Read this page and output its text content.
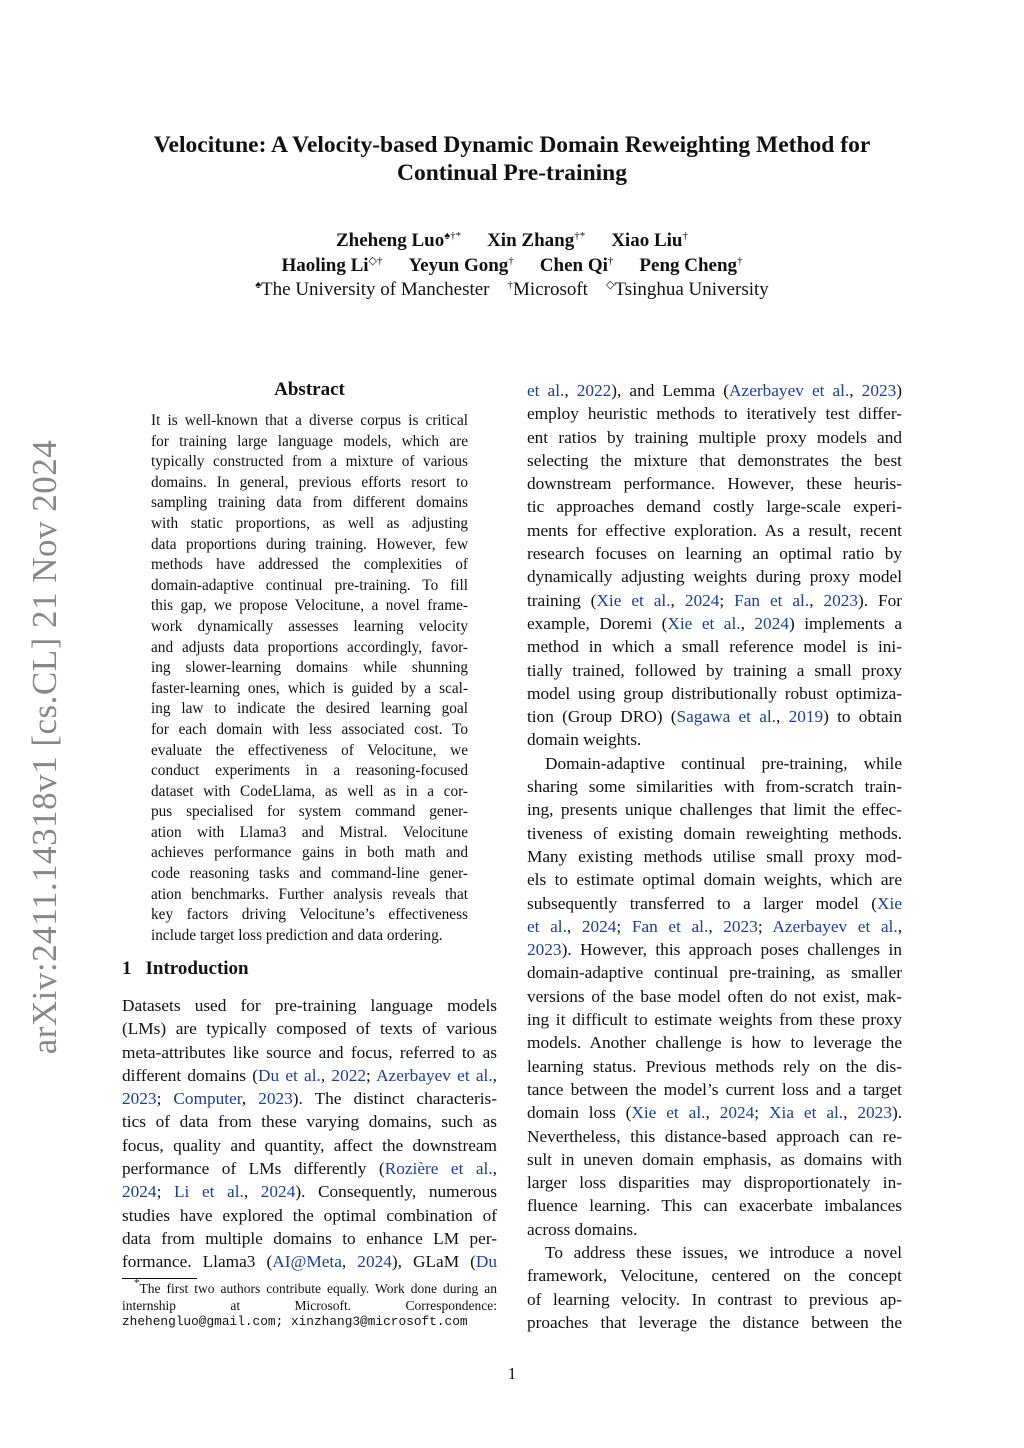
Velocitune: A Velocity-based Dynamic Domain Reweighting Method for
Continual Pre-training
Zheheng Luo♠†* Xin Zhang†* Xiao Liu†
Haoling Li◇† Yeyun Gong† Chen Qi† Peng Cheng†
♠The University of Manchester †Microsoft ◇Tsinghua University
arXiv:2411.14318v1 [cs.CL] 21 Nov 2024
Abstract
It is well-known that a diverse corpus is critical
for training large language models, which are
typically constructed from a mixture of various
domains. In general, previous efforts resort to
sampling training data from different domains
with static proportions, as well as adjusting
data proportions during training. However, few
methods have addressed the complexities of
domain-adaptive continual pre-training. To fill
this gap, we propose Velocitune, a novel frame-
work dynamically assesses learning velocity
and adjusts data proportions accordingly, favor-
ing slower-learning domains while shunning
faster-learning ones, which is guided by a scal-
ing law to indicate the desired learning goal
for each domain with less associated cost. To
evaluate the effectiveness of Velocitune, we
conduct experiments in a reasoning-focused
dataset with CodeLlama, as well as in a cor-
pus specialised for system command gener-
ation with Llama3 and Mistral. Velocitune
achieves performance gains in both math and
code reasoning tasks and command-line gener-
ation benchmarks. Further analysis reveals that
key factors driving Velocitune’s effectiveness
include target loss prediction and data ordering.
1 Introduction
Datasets used for pre-training language models
(LMs) are typically composed of texts of various
meta-attributes like source and focus, referred to as
different domains (Du et al., 2022; Azerbayev et al.,
2023; Computer, 2023). The distinct characteris-
tics of data from these varying domains, such as
focus, quality and quantity, affect the downstream
performance of LMs differently (Rozière et al.,
2024; Li et al., 2024). Consequently, numerous
studies have explored the optimal combination of
data from multiple domains to enhance LM per-
formance. Llama3 (AI@Meta, 2024), GLaM (Du
et al., 2022), and Lemma (Azerbayev et al., 2023)
employ heuristic methods to iteratively test differ-
ent ratios by training multiple proxy models and
selecting the mixture that demonstrates the best
downstream performance. However, these heuris-
tic approaches demand costly large-scale experi-
ments for effective exploration. As a result, recent
research focuses on learning an optimal ratio by
dynamically adjusting weights during proxy model
training (Xie et al., 2024; Fan et al., 2023). For
example, Doremi (Xie et al., 2024) implements a
method in which a small reference model is ini-
tially trained, followed by training a small proxy
model using group distributionally robust optimiza-
tion (Group DRO) (Sagawa et al., 2019) to obtain
domain weights.
Domain-adaptive continual pre-training, while
sharing some similarities with from-scratch train-
ing, presents unique challenges that limit the effec-
tiveness of existing domain reweighting methods.
Many existing methods utilise small proxy mod-
els to estimate optimal domain weights, which are
subsequently transferred to a larger model (Xie
et al., 2024; Fan et al., 2023; Azerbayev et al.,
2023). However, this approach poses challenges in
domain-adaptive continual pre-training, as smaller
versions of the base model often do not exist, mak-
ing it difficult to estimate weights from these proxy
models. Another challenge is how to leverage the
learning status. Previous methods rely on the dis-
tance between the model’s current loss and a target
domain loss (Xie et al., 2024; Xia et al., 2023).
Nevertheless, this distance-based approach can re-
sult in uneven domain emphasis, as domains with
larger loss disparities may disproportionately in-
fluence learning. This can exacerbate imbalances
across domains.
To address these issues, we introduce a novel
framework, Velocitune, centered on the concept
of learning velocity. In contrast to previous ap-
proaches that leverage the distance between the
*The first two authors contribute equally. Work done during an internship at Microsoft. Correspondence:
zhehengluo@gmail.com; xinzhang3@microsoft.com
1
